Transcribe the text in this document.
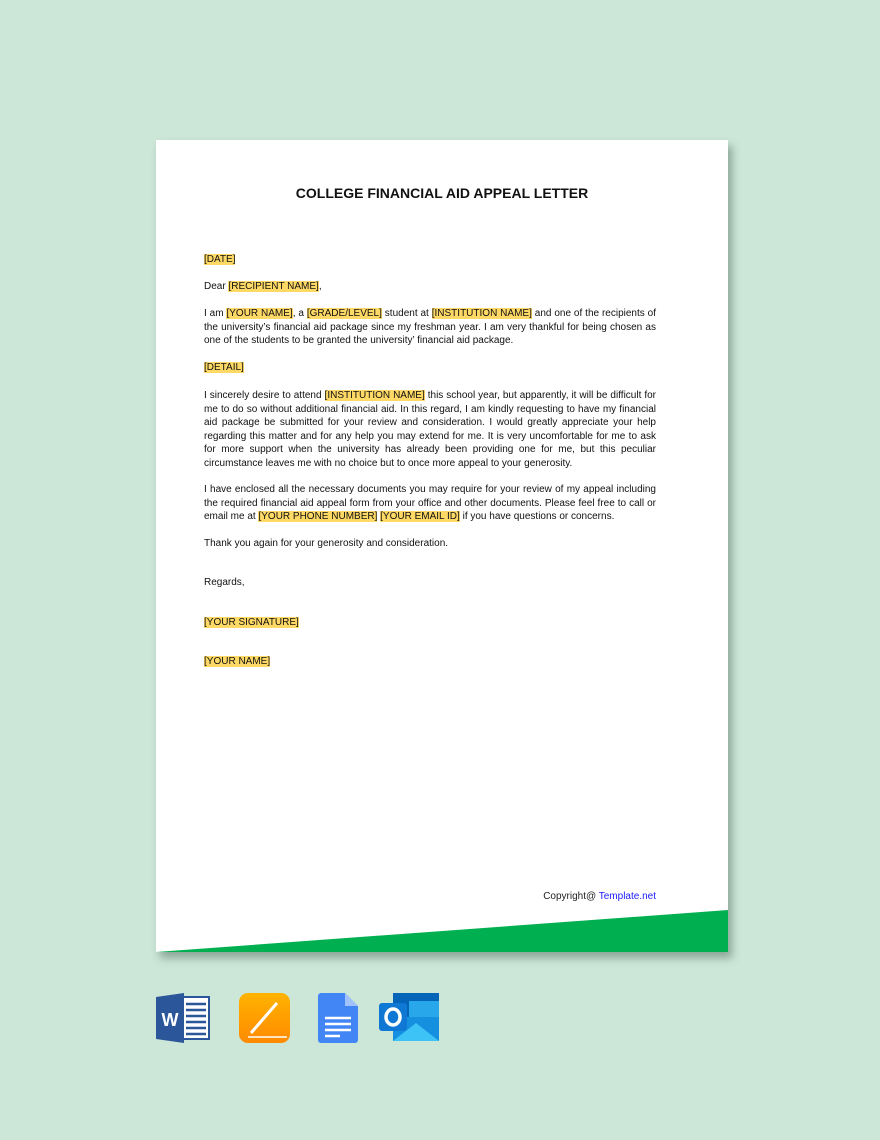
COLLEGE FINANCIAL AID APPEAL LETTER
[DATE]
Dear [RECIPIENT NAME],
I am [YOUR NAME], a [GRADE/LEVEL] student at [INSTITUTION NAME] and one of the recipients of the university’s financial aid package since my freshman year. I am very thankful for being chosen as one of the students to be granted the university’ financial aid package.
[DETAIL]
I sincerely desire to attend [INSTITUTION NAME] this school year, but apparently, it will be difficult for me to do so without additional financial aid. In this regard, I am kindly requesting to have my financial aid package be submitted for your review and consideration. I would greatly appreciate your help regarding this matter and for any help you may extend for me. It is very uncomfortable for me to ask for more support when the university has already been providing one for me, but this peculiar circumstance leaves me with no choice but to once more appeal to your generosity.
I have enclosed all the necessary documents you may require for your review of my appeal including the required financial aid appeal form from your office and other documents. Please feel free to call or email me at [YOUR PHONE NUMBER] [YOUR EMAIL ID] if you have questions or concerns.
Thank you again for your generosity and consideration.
Regards,
[YOUR SIGNATURE]
[YOUR NAME]
Copyright@ Template.net
W
